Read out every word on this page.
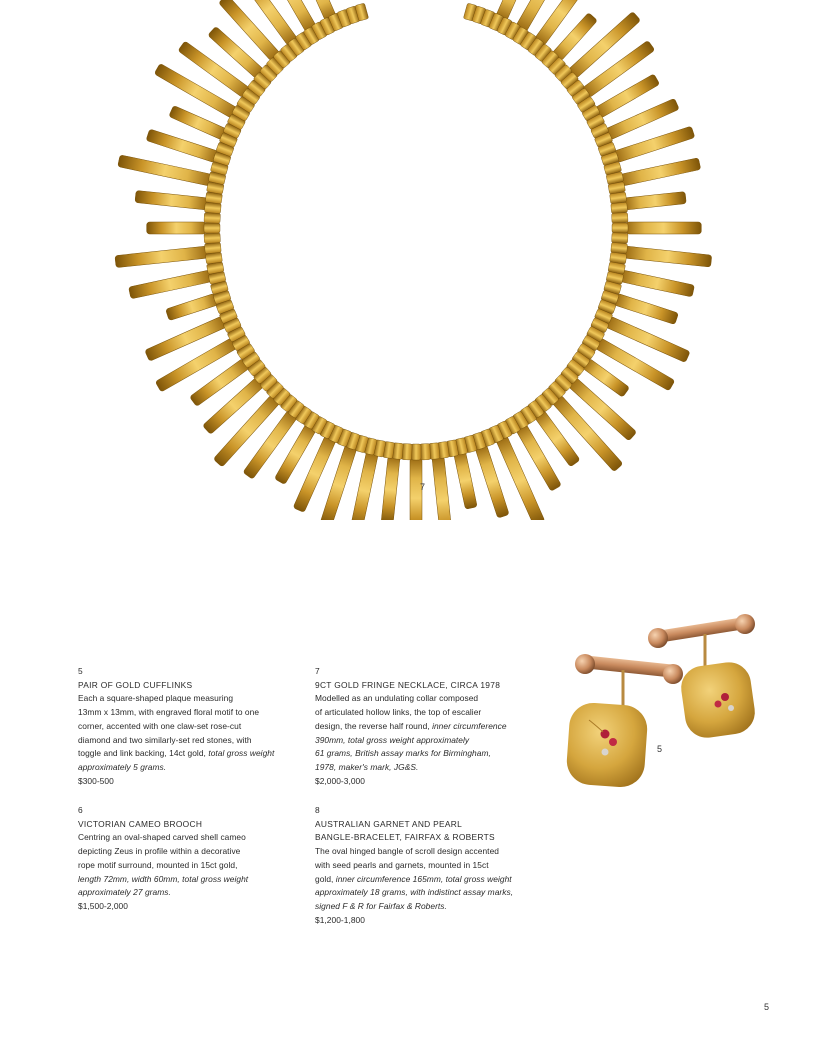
7
5
5
PAIR OF GOLD CUFFLINKS
Each a square-shaped plaque measuring
13mm x 13mm, with engraved floral motif to one
corner, accented with one claw-set rose-cut
diamond and two similarly-set red stones, with
toggle and link backing, 14ct gold, total gross weight
approximately 5 grams.
$300-500
7
9CT GOLD FRINGE NECKLACE, CIRCA 1978
Modelled as an undulating collar composed
of articulated hollow links, the top of escalier
design, the reverse half round, inner circumference
390mm, total gross weight approximately
61 grams, British assay marks for Birmingham,
1978, maker's mark, JG&S.
$2,000-3,000
6
VICTORIAN CAMEO BROOCH
Centring an oval-shaped carved shell cameo
depicting Zeus in profile within a decorative
rope motif surround, mounted in 15ct gold,
length 72mm, width 60mm, total gross weight
approximately 27 grams.
$1,500-2,000
8
AUSTRALIAN GARNET AND PEARL
BANGLE-BRACELET, FAIRFAX & ROBERTS
The oval hinged bangle of scroll design accented
with seed pearls and garnets, mounted in 15ct
gold, inner circumference 165mm, total gross weight
approximately 18 grams, with indistinct assay marks,
signed F & R for Fairfax & Roberts.
$1,200-1,800
5
